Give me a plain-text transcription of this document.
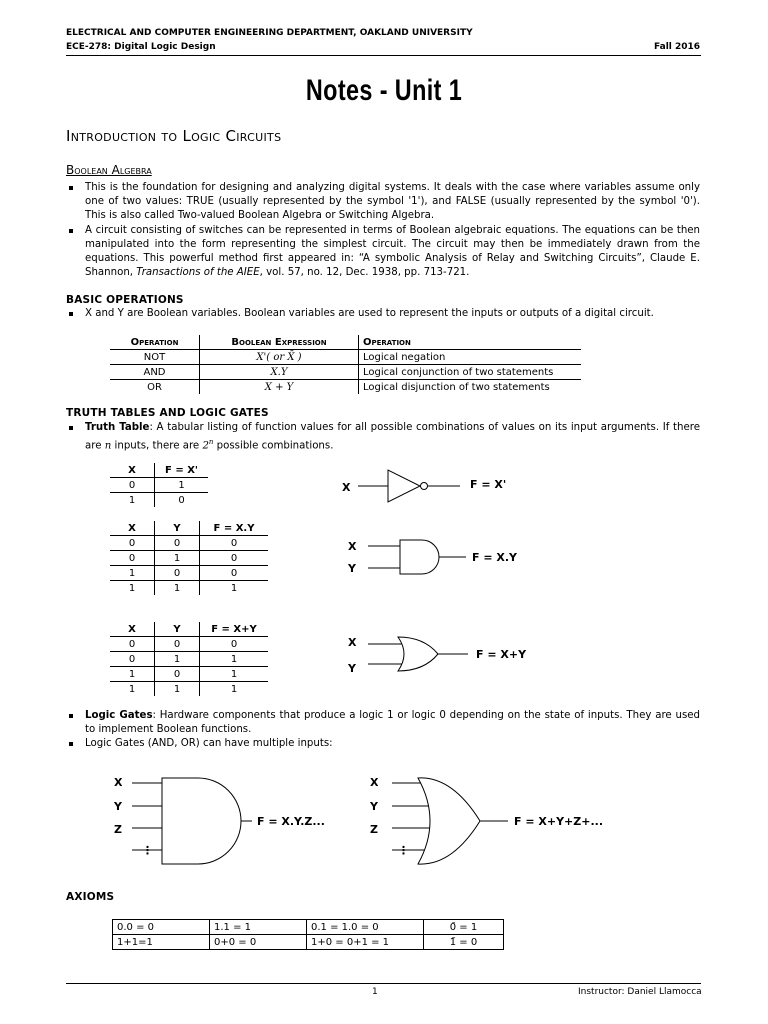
ELECTRICAL AND COMPUTER ENGINEERING DEPARTMENT, OAKLAND UNIVERSITY
ECE-278: Digital Logic Design	Fall 2016
Notes - Unit 1
Introduction to Logic Circuits
Boolean Algebra
This is the foundation for designing and analyzing digital systems. It deals with the case where variables assume only one of two values: TRUE (usually represented by the symbol '1'), and FALSE (usually represented by the symbol '0'). This is also called Two-valued Boolean Algebra or Switching Algebra.
A circuit consisting of switches can be represented in terms of Boolean algebraic equations. The equations can be then manipulated into the form representing the simplest circuit. The circuit may then be immediately drawn from the equations. This powerful method first appeared in: “A symbolic Analysis of Relay and Switching Circuits”, Claude E. Shannon, Transactions of the AIEE, vol. 57, no. 12, Dec. 1938, pp. 713-721.
BASIC OPERATIONS
X and Y are Boolean variables. Boolean variables are used to represent the inputs or outputs of a digital circuit.
Operation	Boolean Expression	Operation
NOT	X'( or X̄ )	Logical negation
AND	X.Y	Logical conjunction of two statements
OR	X + Y	Logical disjunction of two statements
TRUTH TABLES AND LOGIC GATES
Truth Table: A tabular listing of function values for all possible combinations of values on its input arguments. If there are n inputs, there are 2$^n$ possible combinations.
X	F = X'
0	1
1	0
X	Y	F = X.Y
0	0	0
0	1	0
1	0	0
1	1	1
X	Y	F = X+Y
0	0	0
0	1	1
1	0	1
1	1	1
X	F = X'
X
Y
F = X.Y
X
Y
F = X+Y
Logic Gates: Hardware components that produce a logic 1 or logic 0 depending on the state of inputs. They are used to implement Boolean functions.
Logic Gates (AND, OR) can have multiple inputs:
X
Y
Z
⋮
F = X.Y.Z...
X
Y
Z
⋮
F = X+Y+Z+...
AXIOMS
0.0 = 0	1.1 = 1	0.1 = 1.0 = 0	0̄ = 1
1+1=1	0+0 = 0	1+0 = 0+1 = 1	1̄ = 0
1	Instructor: Daniel Llamocca
